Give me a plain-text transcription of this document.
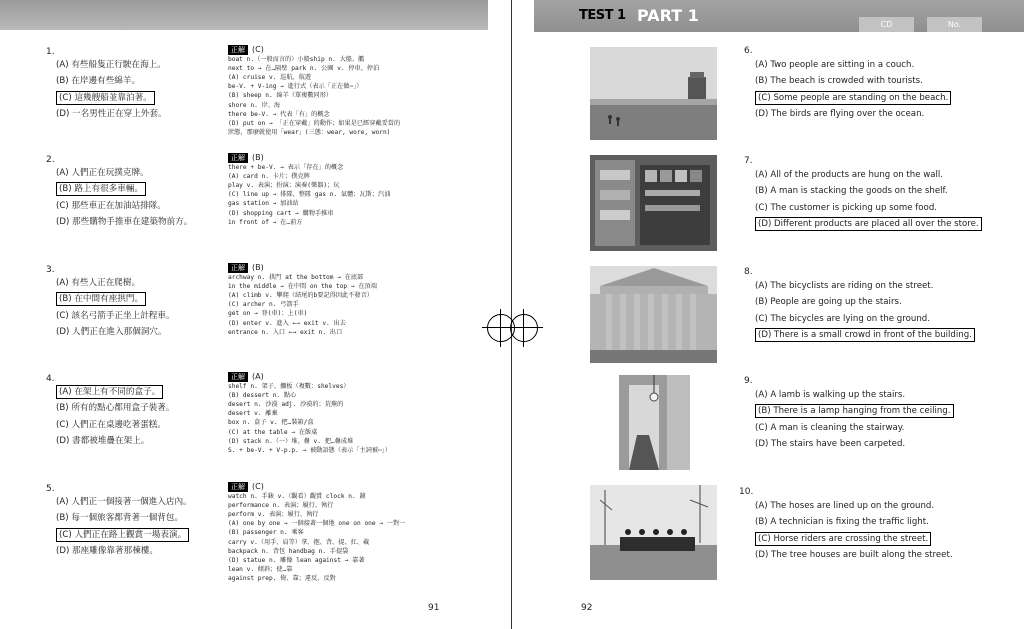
1.
(A) 有些船隻正行駛在海上。
(B) 在岸邊有些綿羊。
(C) 這幾艘船並靠泊著。
(D) 一名男性正在穿上外套。
正解 (C)
boat n.（一般而言的）小船ship n. 大船、艦
next to → 在…隔壁 park n. 公園 v. 停車、停泊
(A) cruise v. 巡航、航遊
be-V. + V-ing → 進行式（表示「正在做⋯」）
(B) sheep n. 綿羊（單複數同形）
shore n. 岸、海
there be-V. → 代表「有」的概念
(D) put on → 「正在穿戴」的動作；如果是已經穿戴妥當的
狀態，那麼就使用「wear」(三態：wear, wore, worn)
2.
(A) 人們正在玩撲克牌。
(B) 路上有很多車輛。
(C) 那些車正在加油站排隊。
(D) 那些購物手推車在建築物前方。
正解 (B)
there + be-V. → 表示「存在」的概念
(A) card n. 卡片；撲克牌
play v. 表演；扮演；演奏(樂器)；玩
(C) line up → 排隊、整隊 gas n. 氣體；瓦斯；汽油
gas station → 加油站
(D) shopping cart → 購物手推車
in front of → 在…前方
3.
(A) 有些人正在爬樹。
(B) 在中間有座拱門。
(C) 該名弓箭手正坐上計程車。
(D) 人們正在進入那個洞穴。
正解 (B)
archway n. 拱門 at the bottom → 在底部
in the middle → 在中間 on the top → 在頂端
(A) climb v. 攀爬（結尾的b要記得因此不發音）
(C) archer n. 弓箭手
get on → 登(車)；上(車)
(D) enter v. 進入 ←→ exit v. 出去
entrance n. 入口 ←→ exit n. 出口
4.
(A) 在架上有不同的盒子。
(B) 所有的點心都用盒子裝著。
(C) 人們正在桌邊吃著蛋糕。
(D) 書都被堆疊在架上。
正解 (A)
shelf n. 架子、擱板（複數：shelves）
(B) dessert n. 點心
desert n. 沙漠 adj. 沙漠的；荒蕪的
desert v. 離棄
box n. 盒子 v. 把…裝箱/盒
(C) at the table → 在飯桌
(D) stack n.（一）堆、疊 v. 把…疊成堆
S. + be-V. + V-p.p. → 被動語態（表示「主詞被⋯」）
5.
(A) 人們正一個接著一個進入店內。
(B) 每一個旅客都背著一個背包。
(C) 人們正在路上觀賞一場表演。
(D) 那座雕像靠著那棟樓。
正解 (C)
watch n. 手錶 v.（觀看）觀賞 clock n. 鐘
performance n. 表演；履行、執行
perform v. 表演；履行、執行
(A) one by one → 一個接著一個地 one on one → 一對一
(B) passenger n. 乘客
carry v.（用手、肩等）拿、抱、背、提、扛、載
backpack n. 背包 handbag n. 手提袋
(D) statue n. 雕像 lean against → 靠著
lean v. 傾斜；使…靠
against prep. 倚、靠；違反、反對
91
TEST 1 PART 1	CD	No.
6.
(A) Two people are sitting in a couch.
(B) The beach is crowded with tourists.
(C) Some people are standing on the beach.
(D) The birds are flying over the ocean.
7.
(A) All of the products are hung on the wall.
(B) A man is stacking the goods on the shelf.
(C) The customer is picking up some food.
(D) Different products are placed all over the store.
8.
(A) The bicyclists are riding on the street.
(B) People are going up the stairs.
(C) The bicycles are lying on the ground.
(D) There is a small crowd in front of the building.
9.
(A) A lamb is walking up the stairs.
(B) There is a lamp hanging from the ceiling.
(C) A man is cleaning the stairway.
(D) The stairs have been carpeted.
10.
(A) The hoses are lined up on the ground.
(B) A technician is fixing the traffic light.
(C) Horse riders are crossing the street.
(D) The tree houses are built along the street.
92
